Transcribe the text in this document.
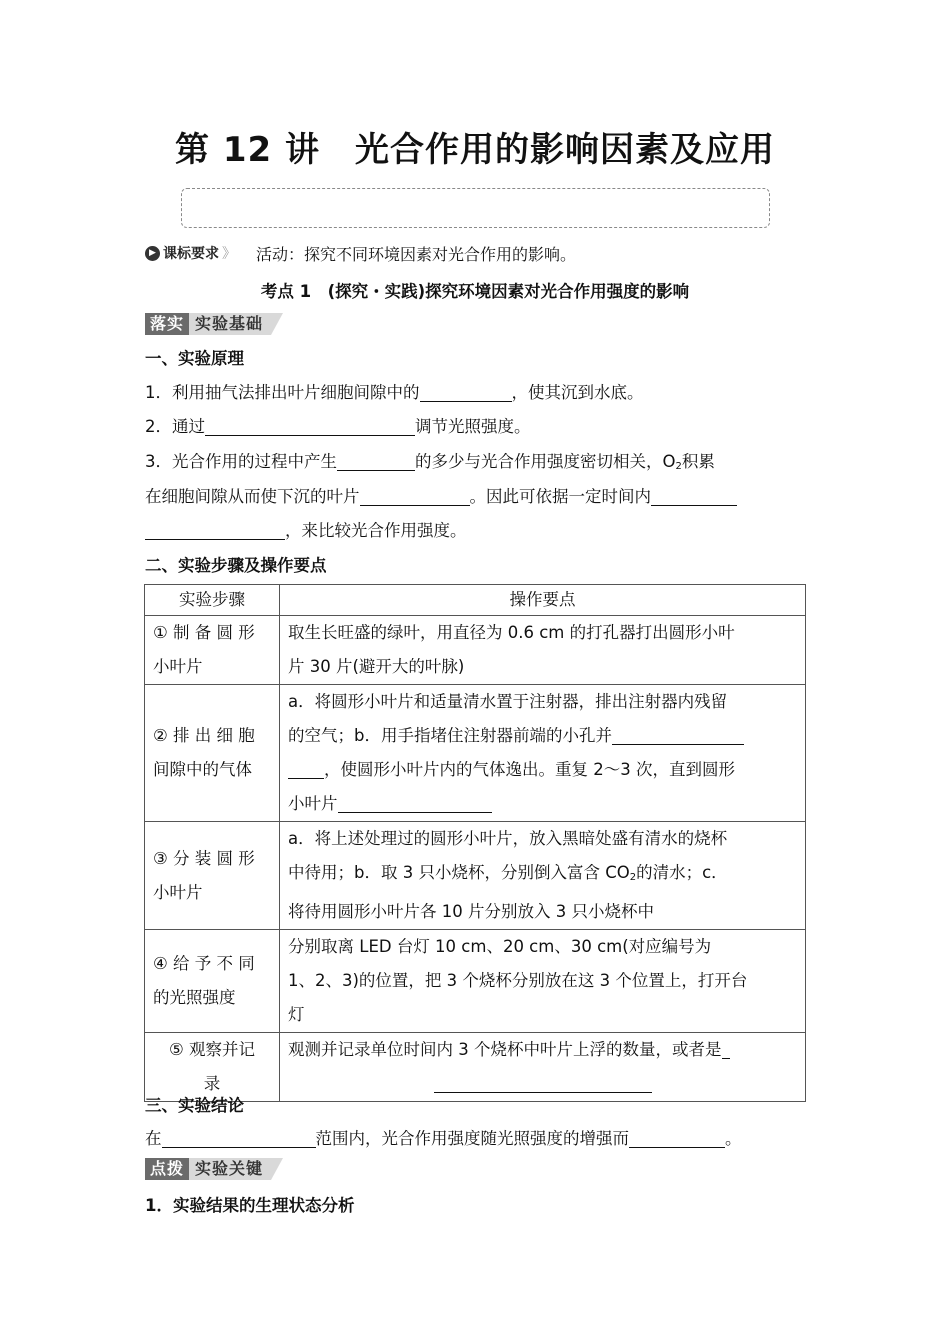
第 12 讲　光合作用的影响因素及应用
▶ 课标要求 》 活动：探究不同环境因素对光合作用的影响。
考点 1　(探究・实践)探究环境因素对光合作用强度的影响
落实 实验基础
一、实验原理
1．利用抽气法排出叶片细胞间隙中的	，使其沉到水底。
2．通过	调节光照强度。
3．光合作用的过程中产生	的多少与光合作用强度密切相关，$O_2$积累
在细胞间隙从而使下沉的叶片	。因此可依据一定时间内
，来比较光合作用强度。
二、实验步骤及操作要点
实验步骤	操作要点

① 制 备 圆 形
小叶片	取生长旺盛的绿叶，用直径为 0.6 cm 的打孔器打出圆形小叶
片 30 片(避开大的叶脉)

② 排 出 细 胞
间隙中的气体	a．将圆形小叶片和适量清水置于注射器，排出注射器内残留
的空气；b．用手指堵住注射器前端的小孔并
，使圆形小叶片内的气体逸出。重复 2～3 次，直到圆形
小叶片

③ 分 装 圆 形
小叶片	a．将上述处理过的圆形小叶片，放入黑暗处盛有清水的烧杯
中待用；b．取 3 只小烧杯，分别倒入富含 $CO_2$的清水；c．
将待用圆形小叶片各 10 片分别放入 3 只小烧杯中

④ 给 予 不 同
的光照强度	分别取离 LED 台灯 10 cm、20 cm、30 cm(对应编号为
1、2、3)的位置，把 3 个烧杯分别放在这 3 个位置上，打开台
灯

⑤ 观察并记
录	观测并记录单位时间内 3 个烧杯中叶片上浮的数量，或者是
三、实验结论
在	范围内，光合作用强度随光照强度的增强而	。
点拨 实验关键
1．实验结果的生理状态分析
